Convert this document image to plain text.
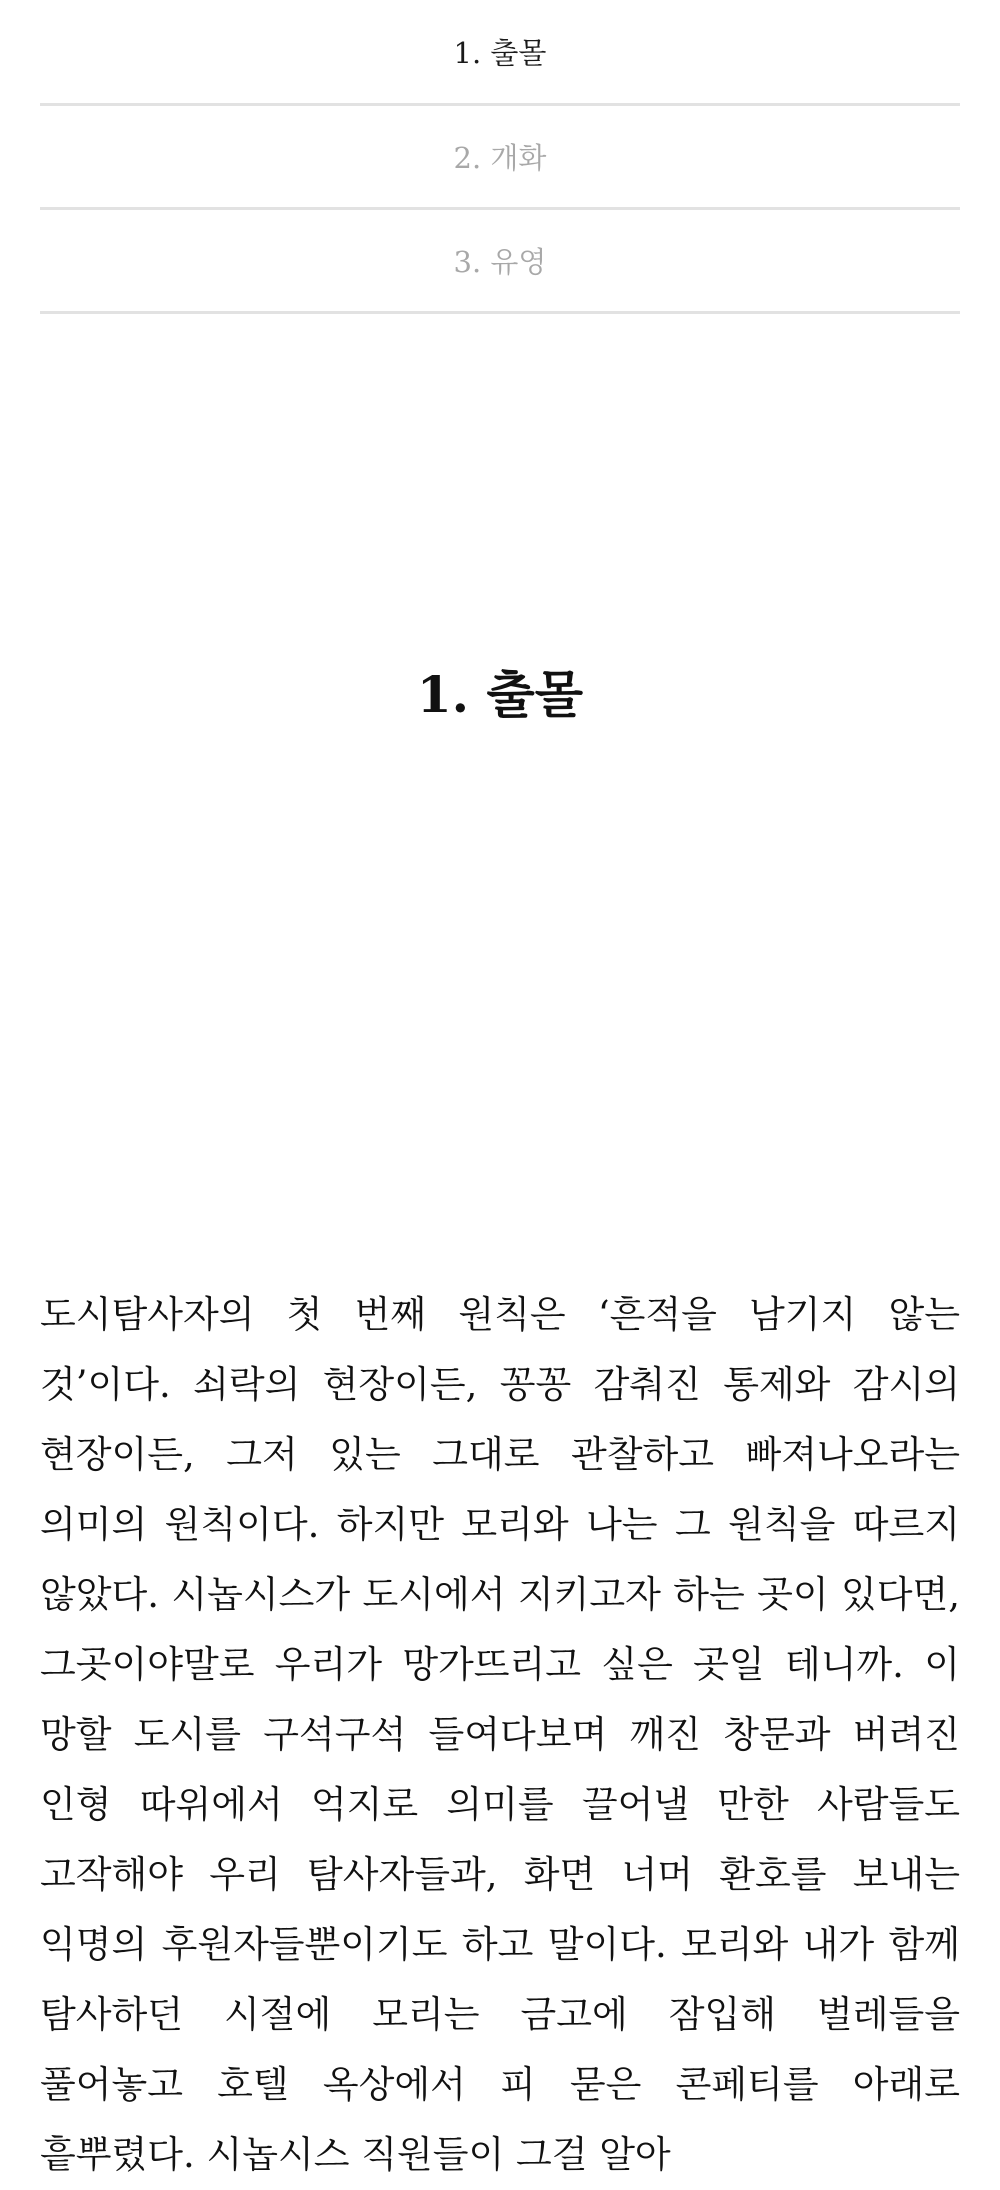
1. 출몰
2. 개화
3. 유영
1. 출몰

도시탐사자의 첫 번째 원칙은 ‘흔적을 남기지 않는 것’이다. 쇠락의 현장이든, 꽁꽁 감춰진 통제와 감시의 현장이든, 그저 있는 그대로 관찰하고 빠져나오라는 의미의 원칙이다. 하지만 모리와 나는 그 원칙을 따르지 않았다. 시놉시스가 도시에서 지키고자 하는 곳이 있다면, 그곳이야말로 우리가 망가뜨리고 싶은 곳일 테니까. 이 망할 도시를 구석구석 들여다보며 깨진 창문과 버려진 인형 따위에서 억지로 의미를 끌어낼 만한 사람들도 고작해야 우리 탐사자들과, 화면 너머 환호를 보내는 익명의 후원자들뿐이기도 하고 말이다. 모리와 내가 함께 탐사하던 시절에 모리는 금고에 잠입해 벌레들을 풀어놓고 호텔 옥상에서 피 묻은 콘페티를 아래로 흩뿌렸다. 시놉시스 직원들이 그걸 알아
